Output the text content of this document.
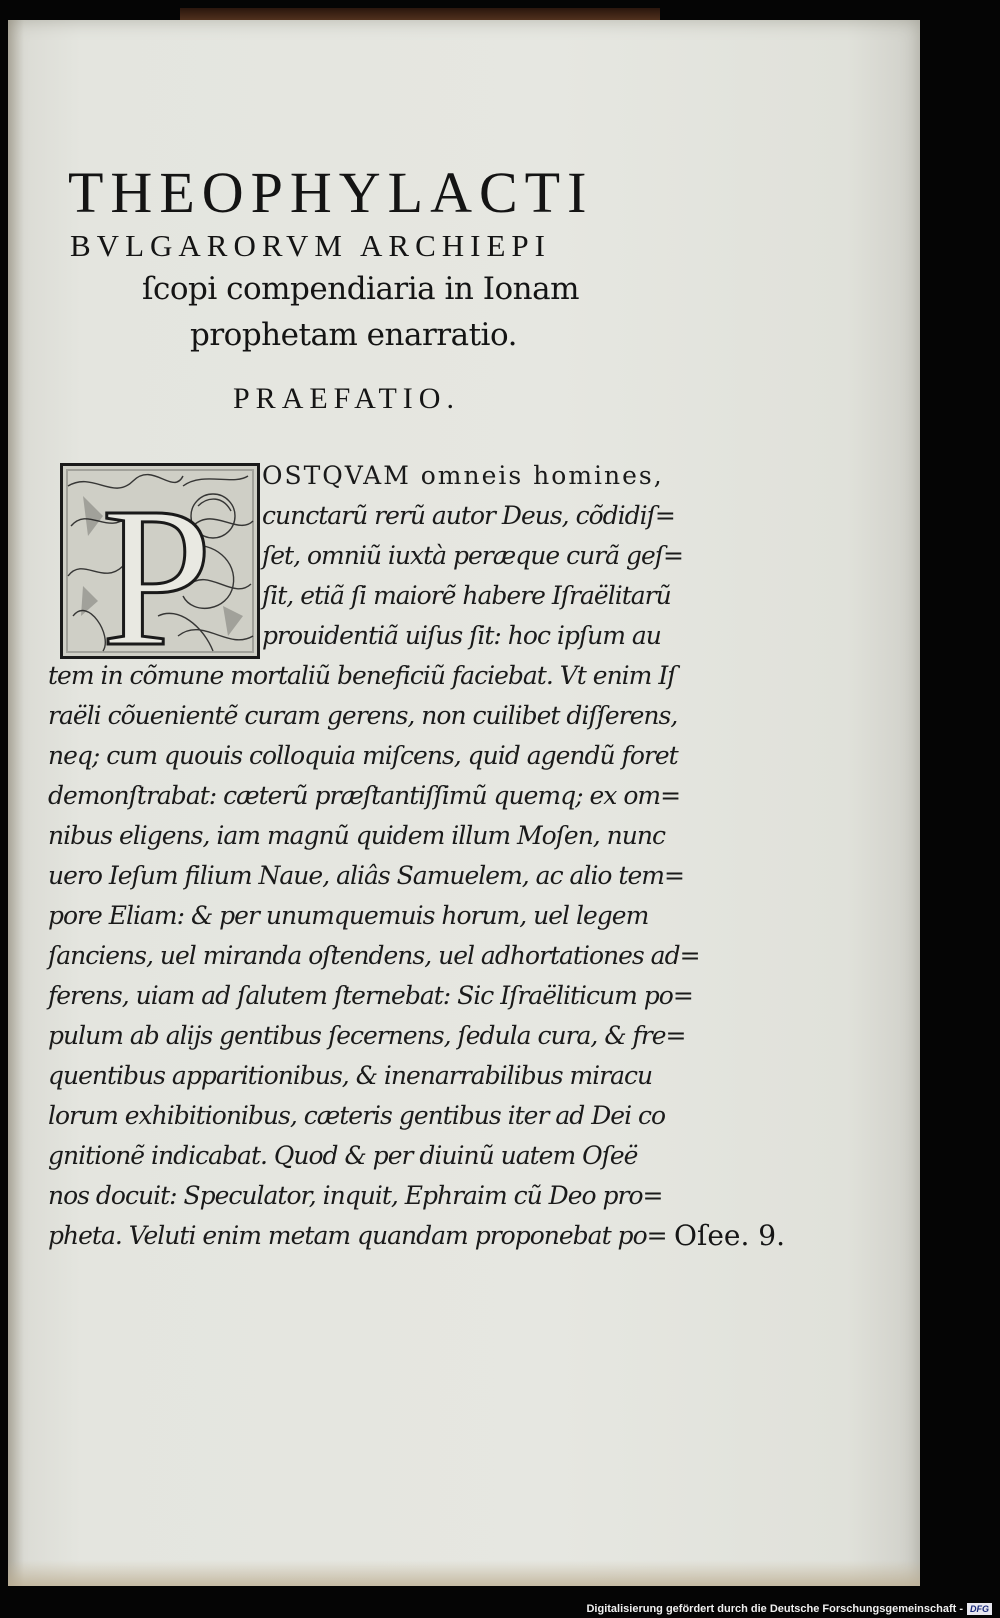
THEOPHYLACTI
BVLGARORVM ARCHIEPI
ſcopi compendiaria in Ionam
prophetam enarratio.
PRAEFATIO.
P OSTQVAM omneis homines,
cunctarũ rerũ autor Deus, cõdidiſ=
ſet, omniũ iuxtà peræque curã geſ=
ſit, etiã ſi maiorẽ habere Iſraëlitarũ
prouidentiã uiſus ſit: hoc ipſum au
tem in cõmune mortaliũ beneficiũ faciebat. Vt enim Iſ
raëli cõuenientẽ curam gerens, non cuilibet diſſerens,
neq; cum quouis colloquia miſcens, quid agendũ foret
demonſtrabat: cæterũ præſtantiſſimũ quemq; ex om=
nibus eligens, iam magnũ quidem illum Moſen, nunc
uero Ieſum filium Naue, aliâs Samuelem, ac alio tem=
pore Eliam: & per unumquemuis horum, uel legem
ſanciens, uel miranda oſtendens, uel adhortationes ad=
ferens, uiam ad ſalutem ſternebat: Sic Iſraëliticum po=
pulum ab alijs gentibus ſecernens, ſedula cura, & fre=
quentibus apparitionibus, & inenarrabilibus miracu
lorum exhibitionibus, cæteris gentibus iter ad Dei co
gnitionẽ indicabat. Quod & per diuinũ uatem Oſeë
nos docuit: Speculator, inquit, Ephraim cũ Deo pro=
pheta. Veluti enim metam quandam proponebat po= Oſee. 9.
Digitalisierung gefördert durch die Deutsche Forschungsgemeinschaft - DFG
